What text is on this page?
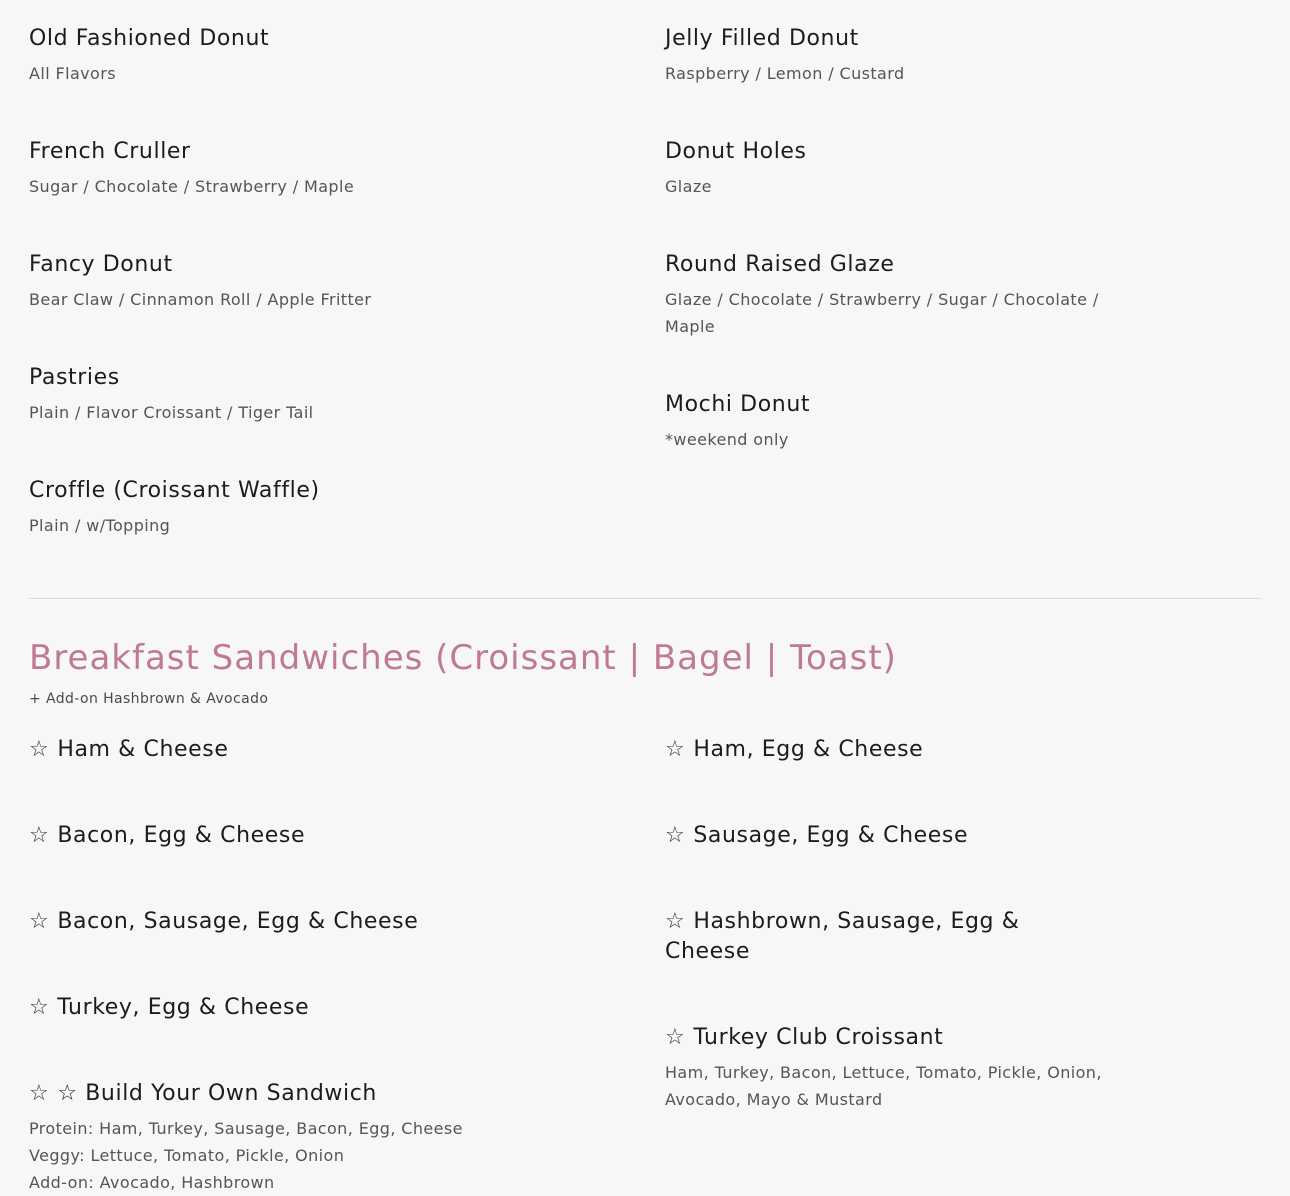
Old Fashioned Donut
All Flavors
French Cruller
Sugar / Chocolate / Strawberry / Maple
Fancy Donut
Bear Claw / Cinnamon Roll / Apple Fritter
Pastries
Plain / Flavor Croissant / Tiger Tail
Croffle (Croissant Waffle)
Plain / w/Topping
Jelly Filled Donut
Raspberry / Lemon / Custard
Donut Holes
Glaze
Round Raised Glaze
Glaze / Chocolate / Strawberry / Sugar / Chocolate / Maple
Mochi Donut
*weekend only
Breakfast Sandwiches (Croissant | Bagel | Toast)
+ Add-on Hashbrown & Avocado
☆ Ham & Cheese
☆ Bacon, Egg & Cheese
☆ Bacon, Sausage, Egg & Cheese
☆ Turkey, Egg & Cheese
☆ ☆ Build Your Own Sandwich
Protein: Ham, Turkey, Sausage, Bacon, Egg, Cheese
Veggy: Lettuce, Tomato, Pickle, Onion
Add-on: Avocado, Hashbrown
☆ Ham, Egg & Cheese
☆ Sausage, Egg & Cheese
☆ Hashbrown, Sausage, Egg & Cheese
☆ Turkey Club Croissant
Ham, Turkey, Bacon, Lettuce, Tomato, Pickle, Onion, Avocado, Mayo & Mustard
